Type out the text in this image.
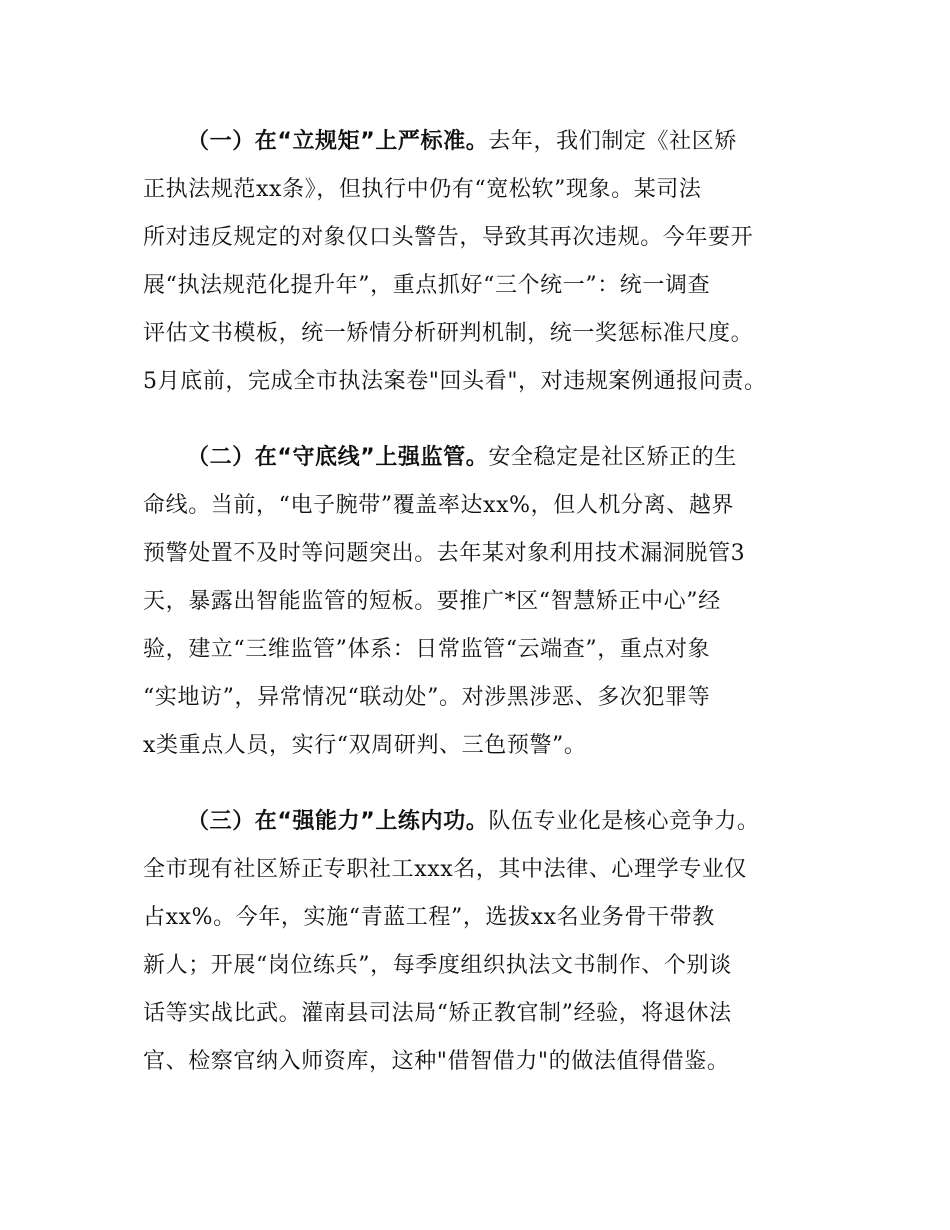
（一）在“立规矩”上严标准。去年，我们制定《社区矫
正执法规范xx条》，但执行中仍有“宽松软”现象。某司法
所对违反规定的对象仅口头警告，导致其再次违规。今年要开
展“执法规范化提升年”，重点抓好“三个统一”：统一调查
评估文书模板，统一矫情分析研判机制，统一奖惩标准尺度。
5月底前，完成全市执法案卷"回头看"，对违规案例通报问责。
（二）在“守底线”上强监管。安全稳定是社区矫正的生
命线。当前，“电子腕带”覆盖率达xx%，但人机分离、越界
预警处置不及时等问题突出。去年某对象利用技术漏洞脱管3
天，暴露出智能监管的短板。要推广*区“智慧矫正中心”经
验，建立“三维监管”体系：日常监管“云端查”，重点对象
“实地访”，异常情况“联动处”。对涉黑涉恶、多次犯罪等
x类重点人员，实行“双周研判、三色预警”。
（三）在“强能力”上练内功。队伍专业化是核心竞争力。
全市现有社区矫正专职社工xxx名，其中法律、心理学专业仅
占xx%。今年，实施“青蓝工程”，选拔xx名业务骨干带教
新人；开展“岗位练兵”，每季度组织执法文书制作、个别谈
话等实战比武。灌南县司法局“矫正教官制”经验，将退休法
官、检察官纳入师资库，这种"借智借力"的做法值得借鉴。
